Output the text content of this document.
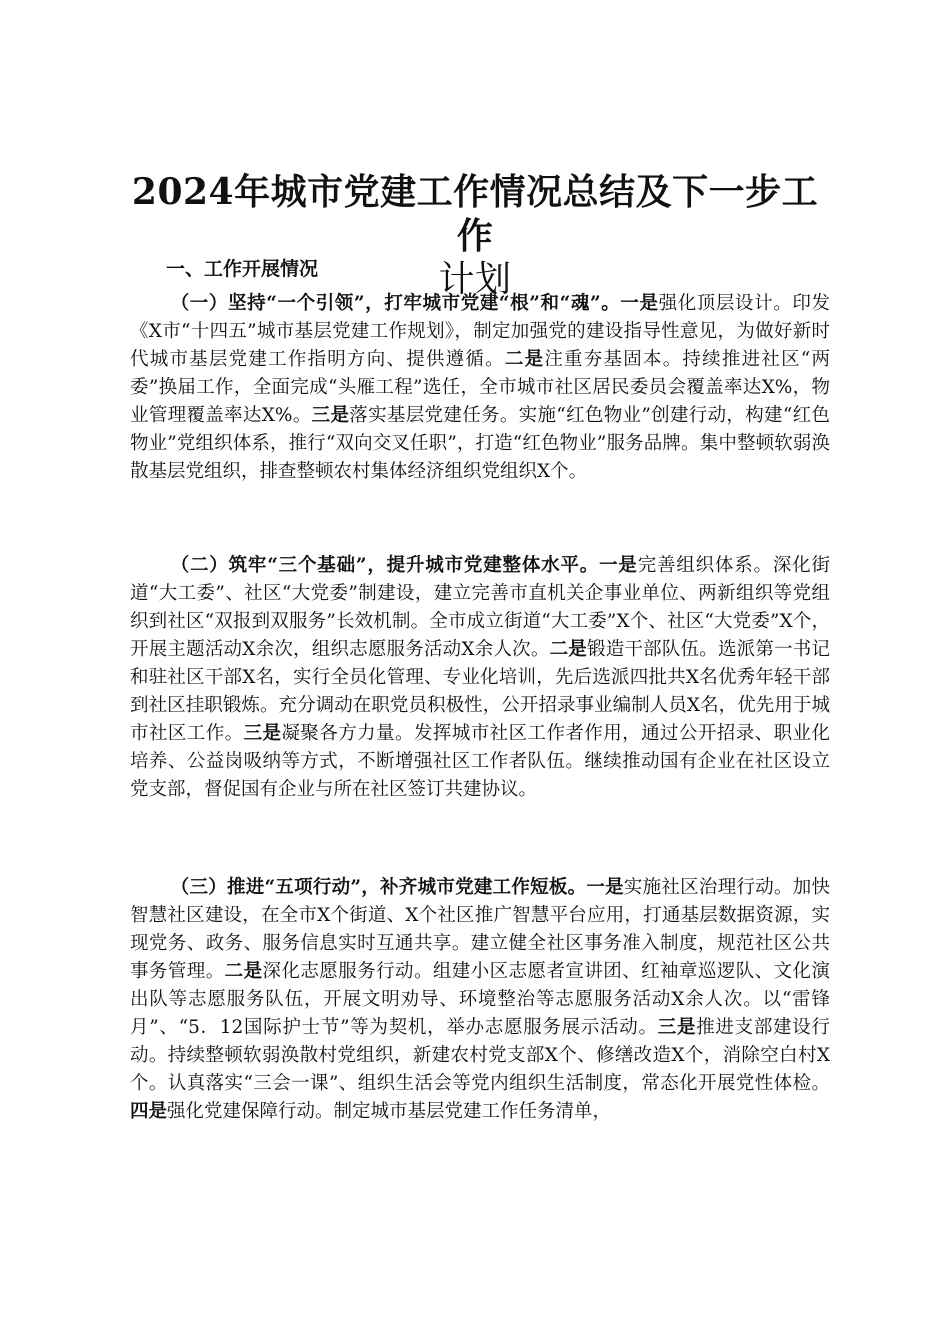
2024年城市党建工作情况总结及下一步工作
计划
一、工作开展情况
（一）坚持“一个引领”，打牢城市党建“根”和“魂”。一是强化顶层设计。印发《X市“十四五”城市基层党建工作规划》，制定加强党的建设指导性意见，为做好新时代城市基层党建工作指明方向、提供遵循。二是注重夯基固本。持续推进社区“两委”换届工作，全面完成“头雁工程”选任，全市城市社区居民委员会覆盖率达X%，物业管理覆盖率达X%。三是落实基层党建任务。实施“红色物业”创建行动，构建“红色物业”党组织体系，推行“双向交叉任职”，打造“红色物业”服务品牌。集中整顿软弱涣散基层党组织，排查整顿农村集体经济组织党组织X个。
（二）筑牢“三个基础”，提升城市党建整体水平。一是完善组织体系。深化街道“大工委”、社区“大党委”制建设，建立完善市直机关企事业单位、两新组织等党组织到社区“双报到双服务”长效机制。全市成立街道“大工委”X个、社区“大党委”X个，开展主题活动X余次，组织志愿服务活动X余人次。二是锻造干部队伍。选派第一书记和驻社区干部X名，实行全员化管理、专业化培训，先后选派四批共X名优秀年轻干部到社区挂职锻炼。充分调动在职党员积极性，公开招录事业编制人员X名，优先用于城市社区工作。三是凝聚各方力量。发挥城市社区工作者作用，通过公开招录、职业化培养、公益岗吸纳等方式，不断增强社区工作者队伍。继续推动国有企业在社区设立党支部，督促国有企业与所在社区签订共建协议。
（三）推进“五项行动”，补齐城市党建工作短板。一是实施社区治理行动。加快智慧社区建设，在全市X个街道、X个社区推广智慧平台应用，打通基层数据资源，实现党务、政务、服务信息实时互通共享。建立健全社区事务准入制度，规范社区公共事务管理。二是深化志愿服务行动。组建小区志愿者宣讲团、红袖章巡逻队、文化演出队等志愿服务队伍，开展文明劝导、环境整治等志愿服务活动X余人次。以“雷锋月”、“5．12国际护士节”等为契机，举办志愿服务展示活动。三是推进支部建设行动。持续整顿软弱涣散村党组织，新建农村党支部X个、修缮改造X个，消除空白村X个。认真落实“三会一课”、组织生活会等党内组织生活制度，常态化开展党性体检。四是强化党建保障行动。制定城市基层党建工作任务清单，
